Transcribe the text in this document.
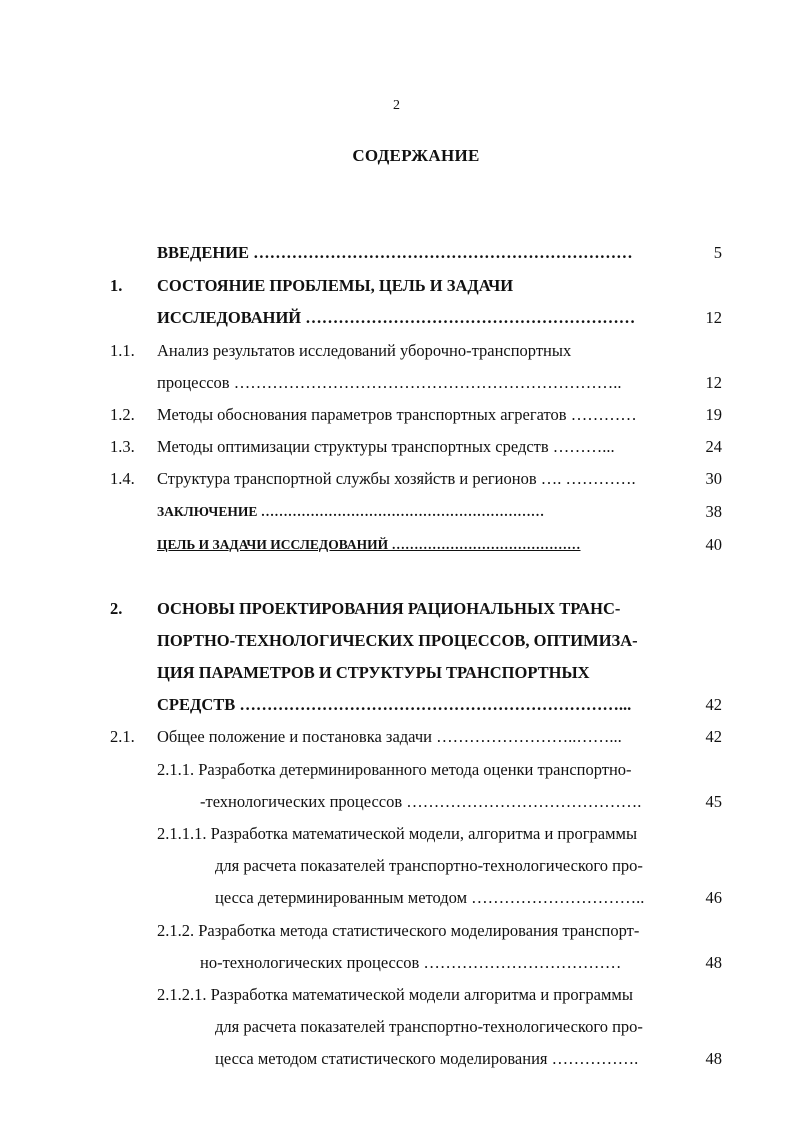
2
СОДЕРЖАНИЕ
ВВЕДЕНИЕ ……………………………………………………………	5
1. СОСТОЯНИЕ ПРОБЛЕМЫ, ЦЕЛЬ И ЗАДАЧИ
ИССЛЕДОВАНИЙ ……………………………………………………	12
1.1. Анализ результатов исследований уборочно-транспортных
процессов ……………………………………………………………..	12
1.2. Методы обоснования параметров транспортных агрегатов …………	19
1.3. Методы оптимизации структуры транспортных средств ………...	24
1.4. Структура транспортной службы хозяйств и регионов …. ………….	30
ЗАКЛЮЧЕНИЕ ………………………………………………………	38
ЦЕЛЬ И ЗАДАЧИ ИССЛЕДОВАНИЙ ……………………………………	40
2. ОСНОВЫ ПРОЕКТИРОВАНИЯ РАЦИОНАЛЬНЫХ ТРАНС-
ПОРТНО-ТЕХНОЛОГИЧЕСКИХ ПРОЦЕССОВ, ОПТИМИЗА-
ЦИЯ ПАРАМЕТРОВ И СТРУКТУРЫ ТРАНСПОРТНЫХ
СРЕДСТВ ……………………………………………………………...	42
2.1. Общее положение и постановка задачи ……………………..……...	42
2.1.1. Разработка детерминированного метода оценки транспортно-
-технологических процессов …………………………………….	45
2.1.1.1. Разработка математической модели, алгоритма и программы
для расчета показателей транспортно-технологического про-
цесса детерминированным методом …………………………..	46
2.1.2. Разработка метода статистического моделирования транспорт-
но-технологических процессов ………………………………	48
2.1.2.1. Разработка математической модели алгоритма и программы
для расчета показателей транспортно-технологического про-
цесса методом статистического моделирования …………….	48
